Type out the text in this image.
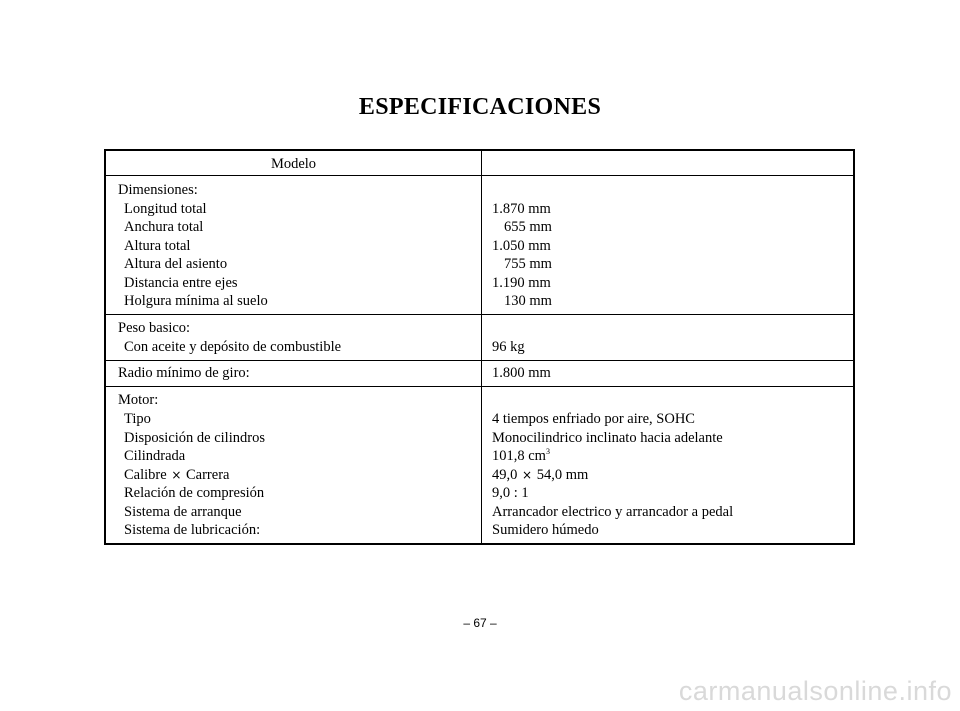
ESPECIFICACIONES
Modelo
Dimensiones:
Longitud total	1.870 mm
Anchura total	655 mm
Altura total	1.050 mm
Altura del asiento	755 mm
Distancia entre ejes	1.190 mm
Holgura mínima al suelo	130 mm
Peso basico:
Con aceite y depósito de combustible	96 kg
Radio mínimo de giro:	1.800 mm
Motor:
Tipo	4 tiempos enfriado por aire, SOHC
Disposición de cilindros	Monocilindrico inclinato hacia adelante
Cilindrada	101,8 $cm^3$
Calibre × Carrera	49,0 × 54,0 mm
Relación de compresión	9,0 : 1
Sistema de arranque	Arrancador electrico y arrancador a pedal
Sistema de lubricación:	Sumidero húmedo
– 67 –
carmanualsonline.info
